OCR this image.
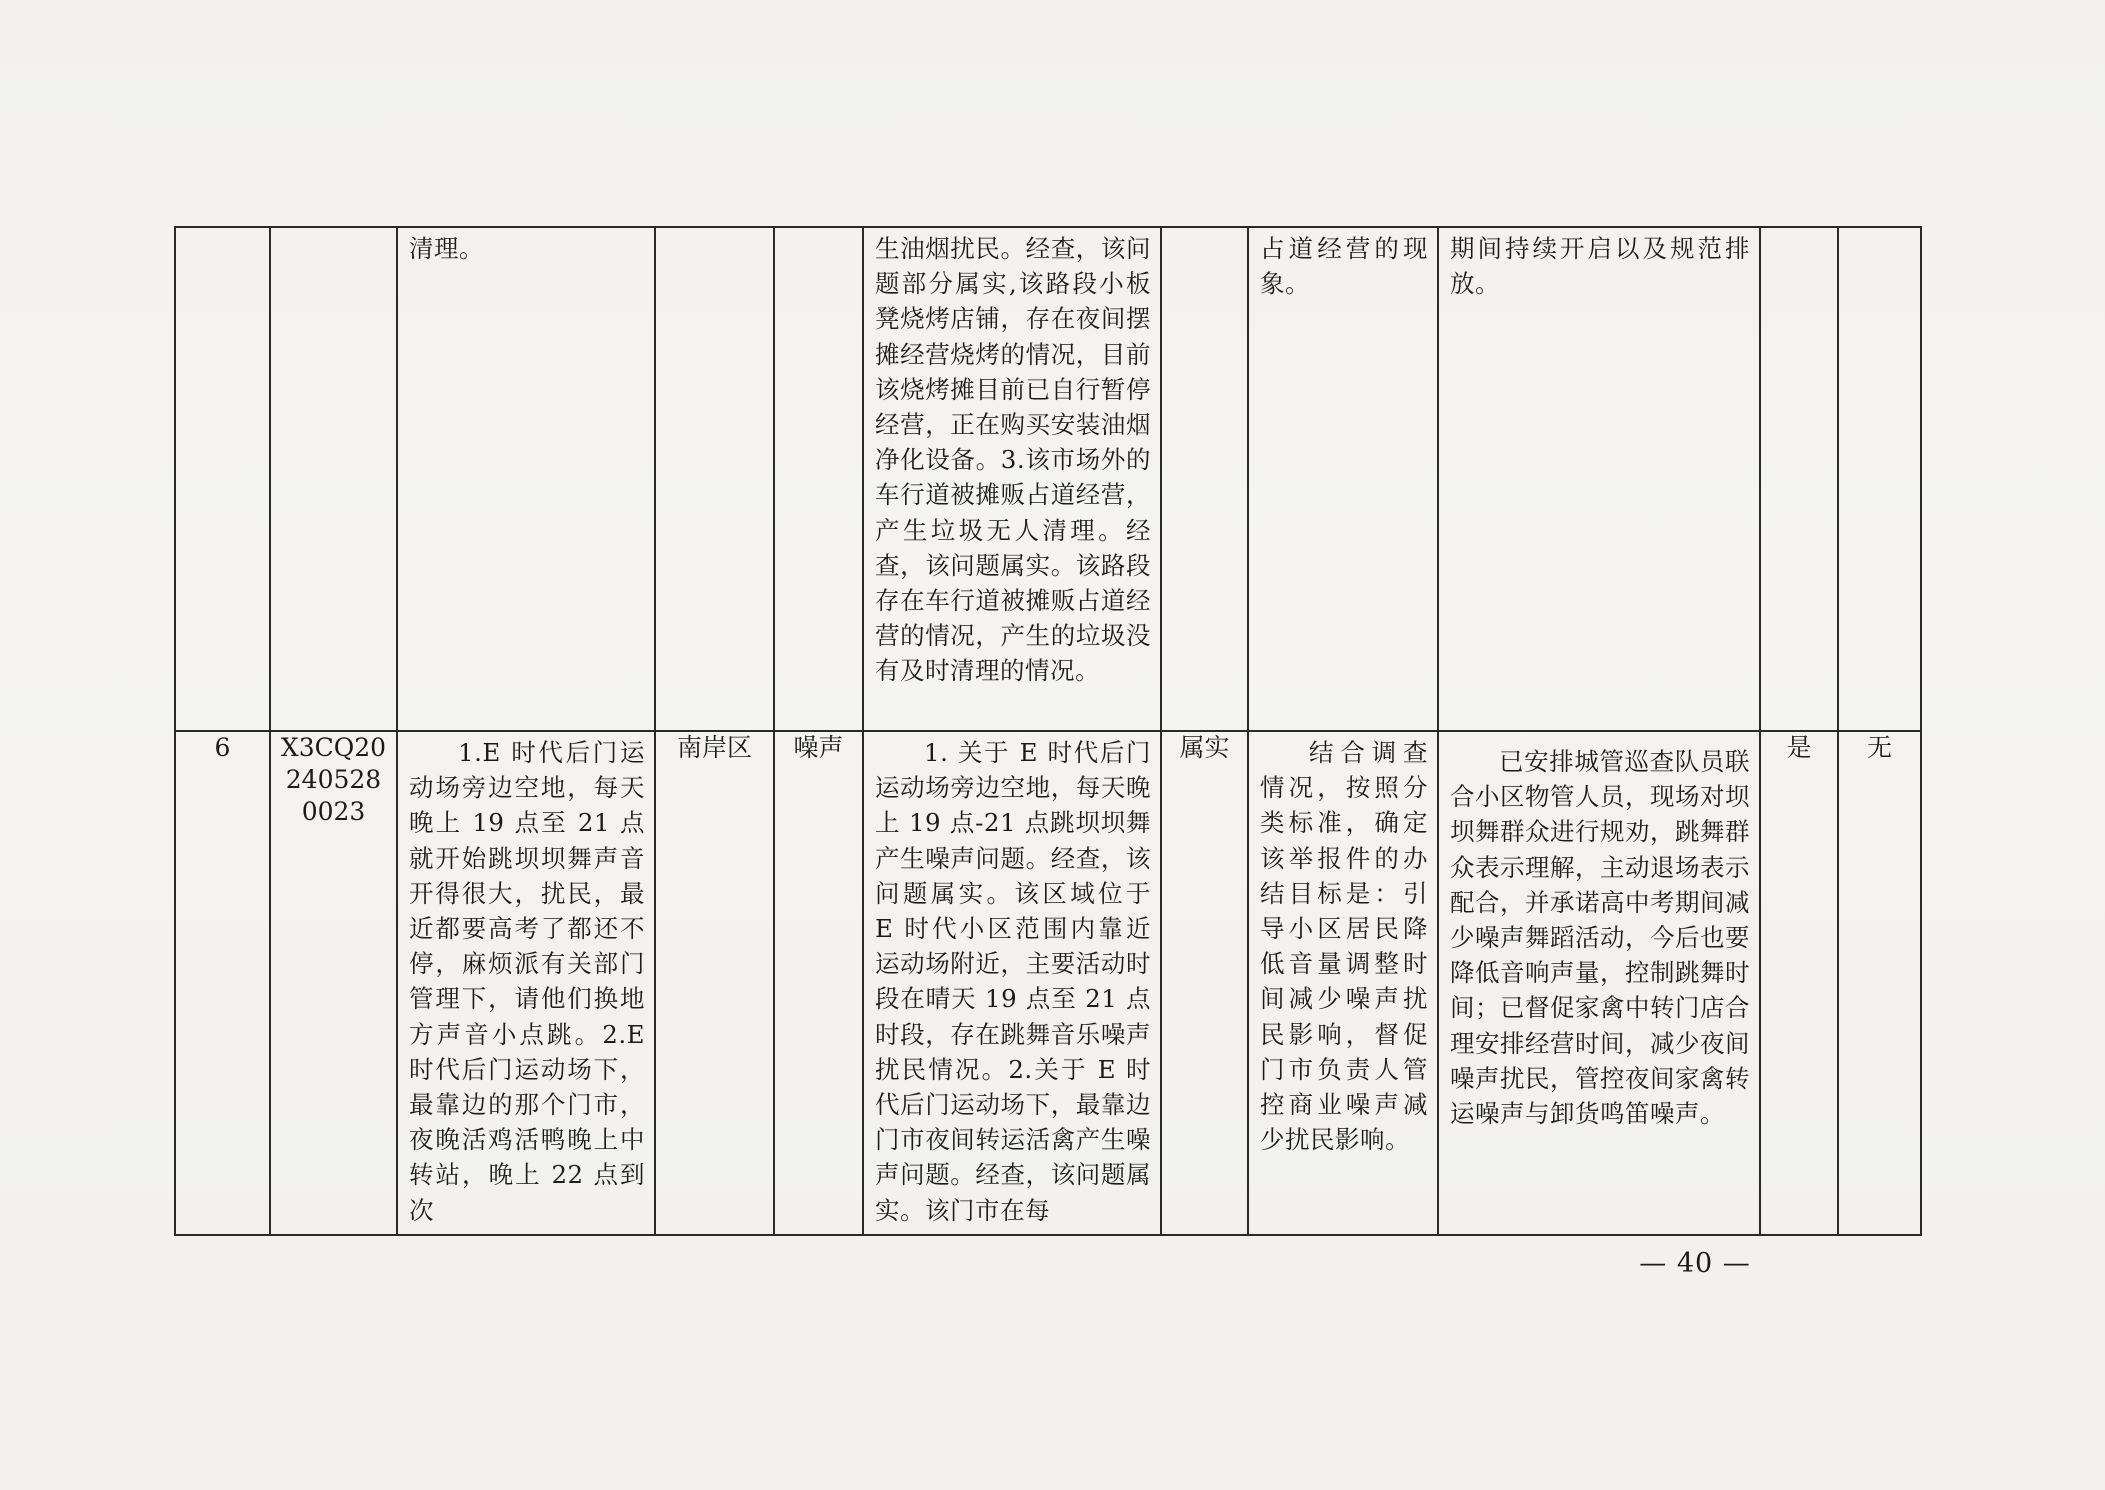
		清理。			生油烟扰民。经查，该问题部分属实,该路段小板凳烧烤店铺，存在夜间摆摊经营烧烤的情况，目前该烧烤摊目前已自行暂停经营，正在购买安装油烟净化设备。3.该市场外的车行道被摊贩占道经营，产生垃圾无人清理。经查，该问题属实。该路段存在车行道被摊贩占道经营的情况，产生的垃圾没有及时清理的情况。		占道经营的现象。	期间持续开启以及规范排放。		

6	X3CQ20240528 0023	1.E 时代后门运动场旁边空地，每天晚上 19 点至 21 点就开始跳坝坝舞声音开得很大，扰民，最近都要高考了都还不停，麻烦派有关部门管理下，请他们换地方声音小点跳。2.E 时代后门运动场下，最靠边的那个门市，夜晚活鸡活鸭晚上中转站，晚上 22 点到次	南岸区	噪声	1. 关于 E 时代后门运动场旁边空地，每天晚上 19 点-21 点跳坝坝舞产生噪声问题。经查，该问题属实。该区域位于 E 时代小区范围内靠近运动场附近，主要活动时段在晴天 19 点至 21 点时段，存在跳舞音乐噪声扰民情况。2.关于 E 时代后门运动场下，最靠边门市夜间转运活禽产生噪声问题。经查，该问题属实。该门市在每	属实	结合调查情况，按照分类标准，确定该举报件的办结目标是：引导小区居民降低音量调整时间减少噪声扰民影响，督促门市负责人管控商业噪声减少扰民影响。	已安排城管巡查队员联合小区物管人员，现场对坝坝舞群众进行规劝，跳舞群众表示理解，主动退场表示配合，并承诺高中考期间减少噪声舞蹈活动，今后也要降低音响声量，控制跳舞时间；已督促家禽中转门店合理安排经营时间，减少夜间噪声扰民，管控夜间家禽转运噪声与卸货鸣笛噪声。	是	无
— 40 —
